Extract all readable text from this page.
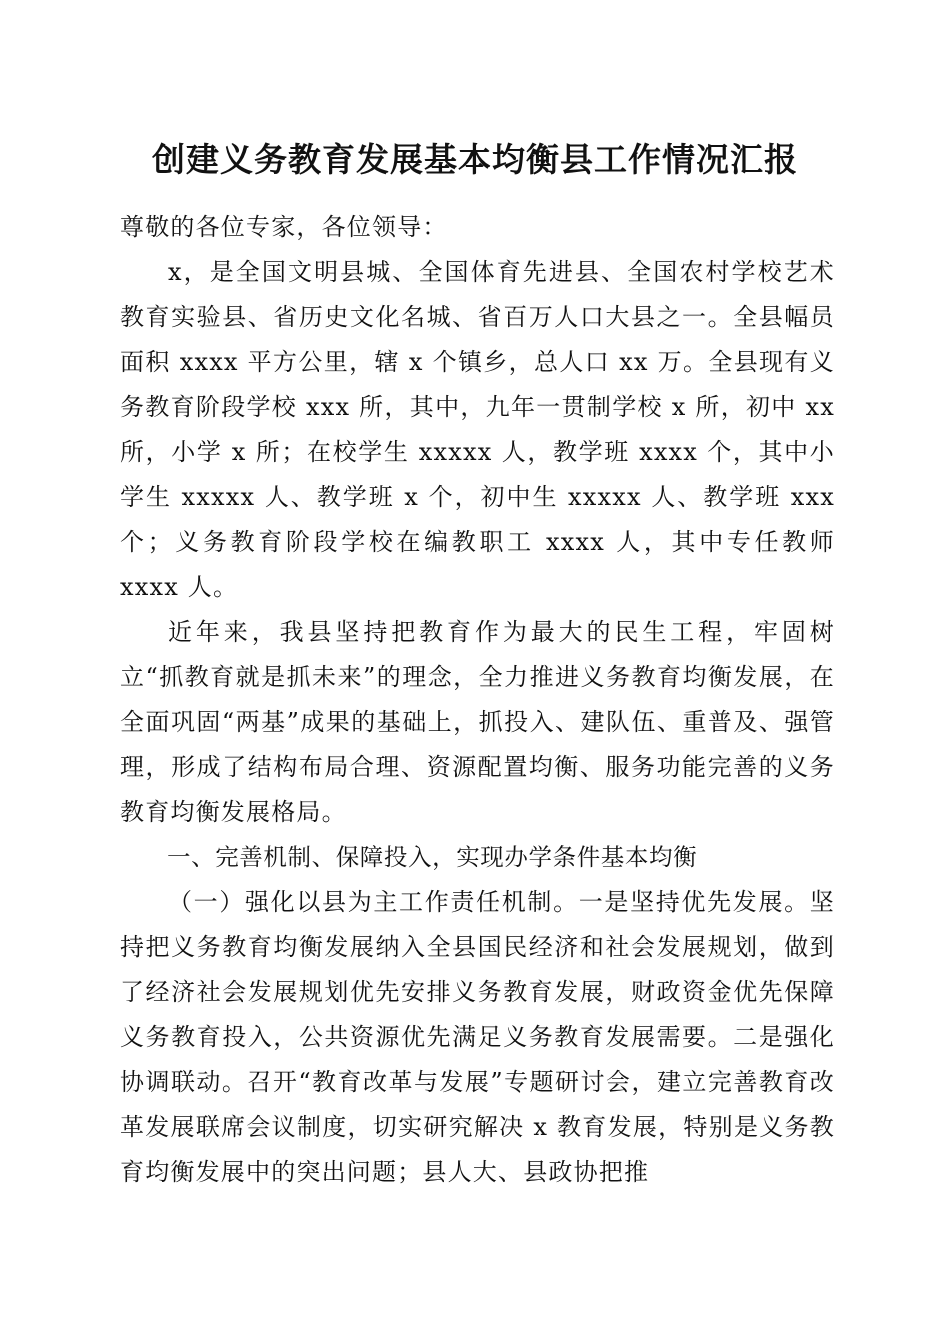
创建义务教育发展基本均衡县工作情况汇报

尊敬的各位专家，各位领导：

x，是全国文明县城、全国体育先进县、全国农村学校艺术教育实验县、省历史文化名城、省百万人口大县之一。全县幅员面积 xxxx 平方公里，辖 x 个镇乡，总人口 xx 万。全县现有义务教育阶段学校 xxx 所，其中，九年一贯制学校 x 所，初中 xx 所，小学 x 所；在校学生 xxxxx 人，教学班 xxxx 个，其中小学生 xxxxx 人、教学班 x 个，初中生 xxxxx 人、教学班 xxx 个；义务教育阶段学校在编教职工 xxxx 人，其中专任教师 xxxx 人。

近年来，我县坚持把教育作为最大的民生工程，牢固树立“抓教育就是抓未来”的理念，全力推进义务教育均衡发展，在全面巩固“两基”成果的基础上，抓投入、建队伍、重普及、强管理，形成了结构布局合理、资源配置均衡、服务功能完善的义务教育均衡发展格局。

一、完善机制、保障投入，实现办学条件基本均衡

（一）强化以县为主工作责任机制。一是坚持优先发展。坚持把义务教育均衡发展纳入全县国民经济和社会发展规划，做到了经济社会发展规划优先安排义务教育发展，财政资金优先保障义务教育投入，公共资源优先满足义务教育发展需要。二是强化协调联动。召开“教育改革与发展”专题研讨会，建立完善教育改革发展联席会议制度，切实研究解决 x 教育发展，特别是义务教育均衡发展中的突出问题；县人大、县政协把推
